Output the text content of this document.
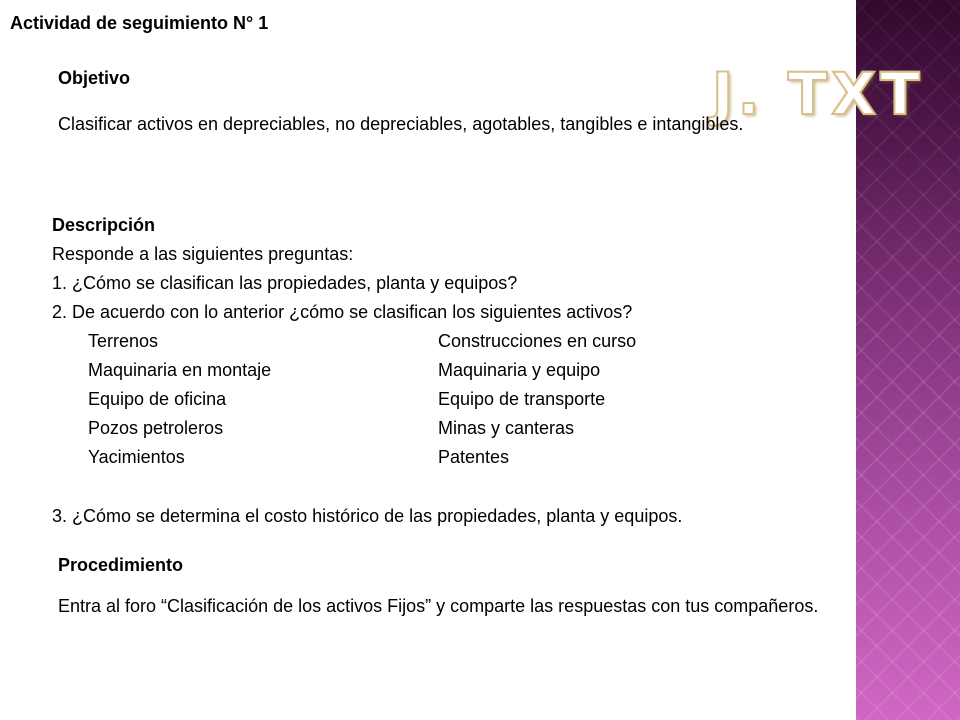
J. TXT
Actividad de seguimiento N° 1
Objetivo
Clasificar activos en depreciables, no depreciables, agotables, tangibles e intangibles.
Descripción
Responde a las siguientes preguntas:
1. ¿Cómo se clasifican las propiedades, planta y equipos?
2. De acuerdo con lo anterior ¿cómo se clasifican los siguientes activos?
Terrenos
Maquinaria en montaje
Equipo de oficina
Pozos petroleros
Yacimientos
Construcciones en curso
Maquinaria y equipo
Equipo de transporte
Minas y canteras
Patentes
3. ¿Cómo se determina el costo histórico de las propiedades, planta y equipos.
Procedimiento
Entra al foro “Clasificación de los activos Fijos” y comparte las respuestas con tus compañeros.
